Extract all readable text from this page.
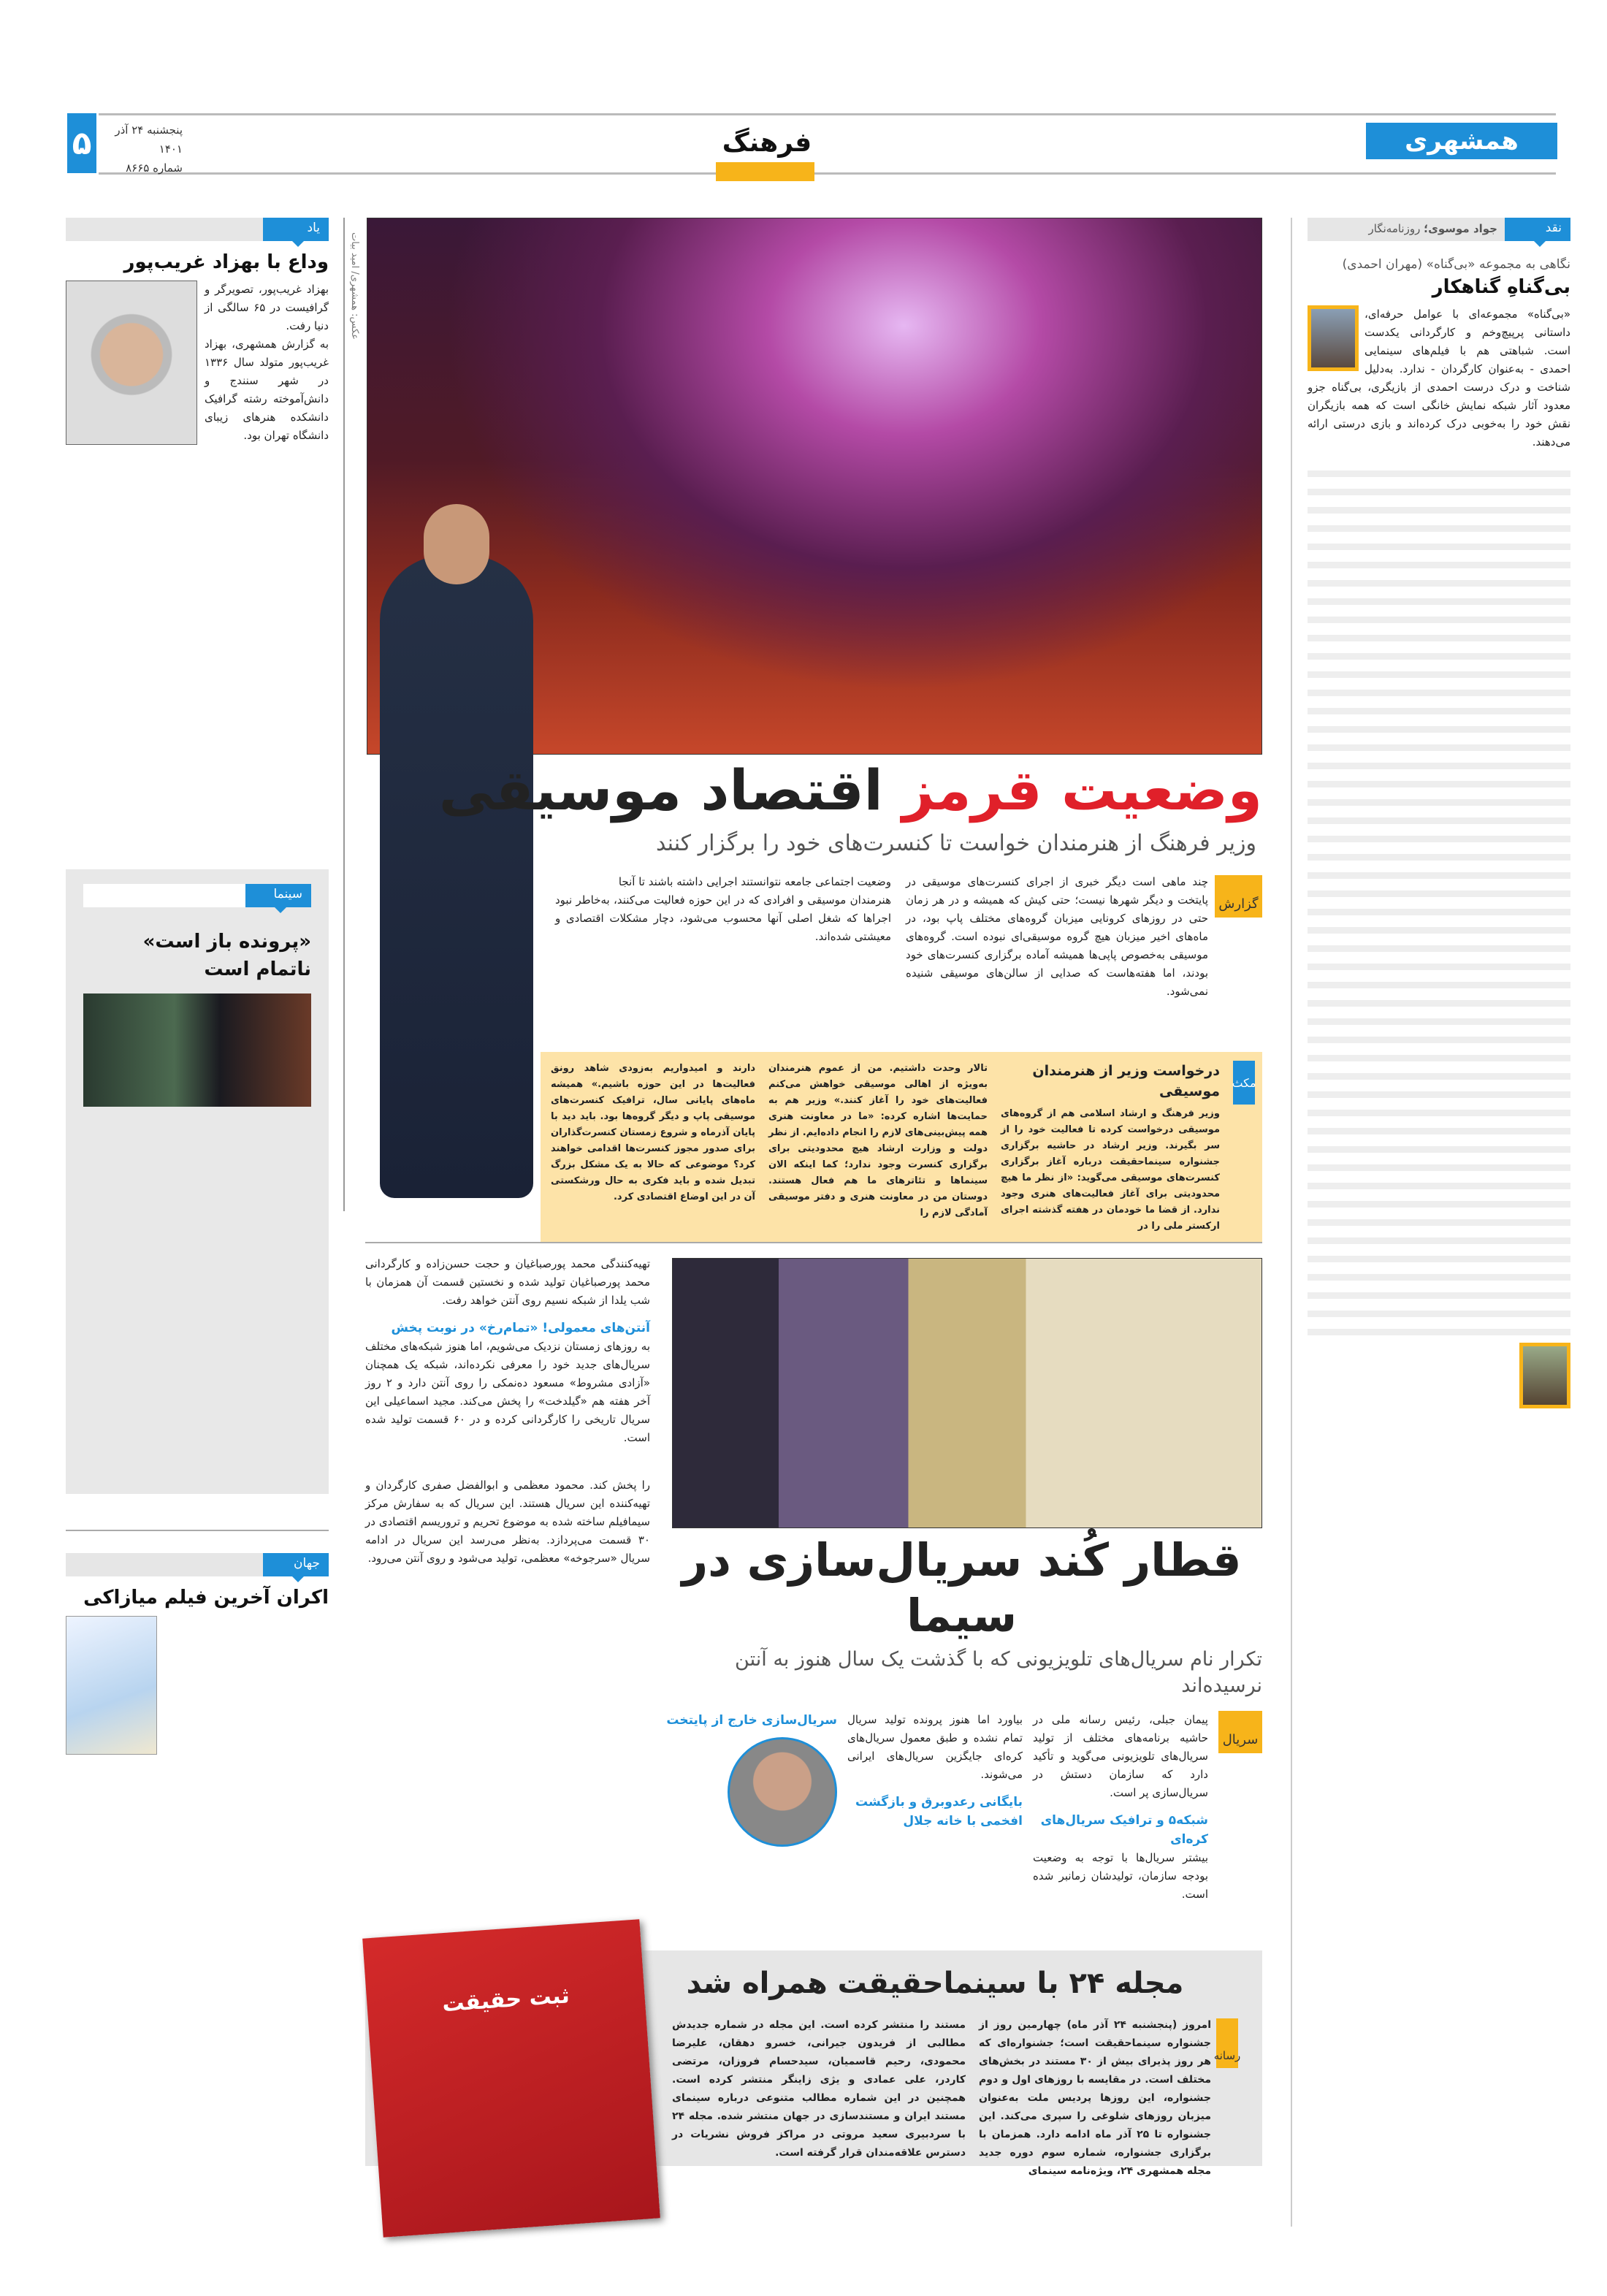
۵	پنجشنبه ۲۴ آذر ۱۴۰۱
شماره ۸۶۶۵
فرهنگ	همشهری
نقد
جواد موسوی؛ روزنامه‌نگار
نگاهی به مجموعه «بی‌گناه» (مهران احمدی)
بی‌گناهِ گناهکار
«بی‌گناه» مجموعه‌ای با عوامل حرفه‌ای، داستانی پرپیچ‌وخم و کارگردانی یکدست است. شباهتی هم با فیلم‌های سینمایی احمدی - به‌عنوان کارگردان - ندارد. به‌دلیل شناخت و درک درست احمدی از بازیگری، بی‌گناه جزو معدود آثار شبکه نمایش خانگی است که همه بازیگران نقش خود را به‌خوبی درک کرده‌اند و بازی درستی ارائه می‌دهند.
یاد
وداع با بهزاد غریب‌پور
بهزاد غریب‌پور، تصویرگر و گرافیست در ۶۵ سالگی از دنیا رفت.
به گزارش همشهری، بهزاد غریب‌پور متولد سال ۱۳۳۶ در شهر سنندج و دانش‌آموخته رشته گرافیک دانشکده هنرهای زیبای دانشگاه تهران بود.
سینما
«پرونده باز است» ناتمام است
جهان
اکران آخرین فیلم میازاکی
عکس: همشهری/ امید بیات
وضعیت قرمز اقتصاد موسیقی
وزیر فرهنگ از هنرمندان خواست تا کنسرت‌های خود را برگزار کنند
گزارش
چند ماهی است دیگر خبری از اجرای کنسرت‌های موسیقی در پایتخت و دیگر شهرها نیست؛ حتی کیش که همیشه و در هر زمان حتی در روزهای کرونایی میزبان گروه‌های مختلف پاپ بود، در ماه‌های اخیر میزبان هیچ گروه موسیقی‌ای نبوده است. گروه‌های موسیقی به‌خصوص پاپی‌ها همیشه آماده برگزاری کنسرت‌های خود بودند، اما هفته‌هاست که صدایی از سالن‌های موسیقی شنیده نمی‌شود.
وضعیت اجتماعی جامعه نتوانستند اجرایی داشته باشند تا آنجا
هنرمندان موسیقی و افرادی که در این حوزه فعالیت می‌کنند، به‌خاطر نبود اجراها که شغل اصلی آنها محسوب می‌شود، دچار مشکلات اقتصادی و معیشتی شده‌اند.
مکث
درخواست وزیر از هنرمندان موسیقی
وزیر فرهنگ و ارشاد اسلامی هم از گروه‌های موسیقی درخواست کرده تا فعالیت خود را از سر بگیرند. وزیر ارشاد در حاشیه برگزاری جشنواره سینماحقیقت درباره آغاز برگزاری کنسرت‌های موسیقی می‌گوید: «از نظر ما هیچ محدودیتی برای آغاز فعالیت‌های هنری وجود ندارد. از قضا ما خودمان در هفته گذشته اجرای ارکستر ملی را در
تالار وحدت داشتیم. من از عموم هنرمندان به‌ویژه از اهالی موسیقی خواهش می‌کنم فعالیت‌های خود را آغاز کنند.» وزیر هم به حمایت‌ها اشاره کرده: «ما در معاونت هنری همه پیش‌بینی‌های لازم را انجام داده‌ایم. از نظر دولت و وزارت ارشاد هیچ محدودیتی برای برگزاری کنسرت وجود ندارد؛ کما اینکه الان سینماها و تئاترهای ما هم فعال هستند. دوستان من در معاونت هنری و دفتر موسیقی آمادگی لازم را
دارند و امیدواریم به‌زودی شاهد رونق فعالیت‌ها در این حوزه باشیم.» همیشه ماه‌های پایانی سال، ترافیک کنسرت‌های موسیقی پاپ و دیگر گروه‌ها بود. باید دید با پایان آذرماه و شروع زمستان کنسرت‌گذاران برای صدور مجوز کنسرت‌ها اقدامی خواهند کرد؟ موضوعی که حالا به یک مشکل بزرگ تبدیل شده و باید فکری به حال ورشکستی آن در این اوضاع اقتصادی کرد.
تهیه‌کنندگی محمد پورصباغیان و حجت حسن‌زاده و کارگردانی محمد پورصباغیان تولید شده و نخستین قسمت آن همزمان با شب یلدا از شبکه نسیم روی آنتن خواهد رفت.
آنتن‌های معمولی! «تمام‌رخ» در نوبت پخش
به روزهای زمستان نزدیک می‌شویم، اما هنوز شبکه‌های مختلف سریال‌های جدید خود را معرفی نکرده‌اند، شبکه یک همچنان «آزادی مشروط» مسعود ده‌نمکی را روی آنتن دارد و ۲ روز آخر هفته هم «گیلدخت» را پخش می‌کند. مجید اسماعیلی این سریال تاریخی را کارگردانی کرده و در ۶۰ قسمت تولید شده است.
را پخش کند. محمود معظمی و ابوالفضل صفری کارگردان و تهیه‌کننده این سریال هستند. این سریال که به سفارش مرکز سیمافیلم ساخته شده به موضوع تحریم و تروریسم اقتصادی در ۳۰ قسمت می‌پردازد. به‌نظر می‌رسد این سریال در ادامه سریال «سرجوخه» معظمی، تولید می‌شود و روی آنتن می‌رود. قطار کُند سریال‌سازی در سیما
تکرار نام سریال‌های تلویزیونی که با گذشت یک سال هنوز به آنتن نرسیده‌اند
سریال
پیمان جبلی، رئیس رسانه ملی در حاشیه برنامه‌های مختلف از تولید سریال‌های تلویزیونی می‌گوید و تأکید دارد که سازمان دستش در سریال‌سازی پر است.
شبکه۵ و ترافیک سریال‌های کره‌ای
بیشتر سریال‌ها با توجه به وضعیت بودجه سازمان، تولیدشان زمانبر شده است.
بیاورد اما هنوز پرونده تولید سریال تمام نشده و طبق معمول سریال‌های کره‌ای جایگزین سریال‌های ایرانی می‌شوند.
بایگانی رعدوبرق و بازگشت افخمی با خانه جلال
سریال‌سازی خارج از پایتخت
ثبت حقیقت	مجله ۲۴ با سینماحقیقت همراه شد
رسانه
امروز (پنجشنبه ۲۴ آذر ماه) چهارمین روز از جشنواره سینماحقیقت است؛ جشنواره‌ای که هر روز پذیرای بیش از ۳۰ مستند در بخش‌های مختلف است. در مقایسه با روزهای اول و دوم جشنواره، این روزها پردیس ملت به‌عنوان میزبان روزهای شلوغی را سپری می‌کند. این جشنواره تا ۲۵ آذر ماه ادامه دارد. همزمان با برگزاری جشنواره، شماره سوم دوره جدید مجله همشهری ۲۴، ویژه‌نامه سینمای
مستند را منتشر کرده است. این مجله در شماره جدیدش مطالبی از فریدون جیرانی، خسرو دهقان، علیرضا محمودی، رحیم قاسمیان، سیدحسام فروزان، مرتضی کاردر، علی عمادی و یژی زاینگر منتشر کرده است. همچنین در این شماره مطالب متنوعی درباره سینمای مستند ایران و مستندسازی در جهان منتشر شده. مجله ۲۴ با سردبیری سعید مروتی در مراکز فروش نشریات در دسترس علاقه‌مندان قرار گرفته است.
